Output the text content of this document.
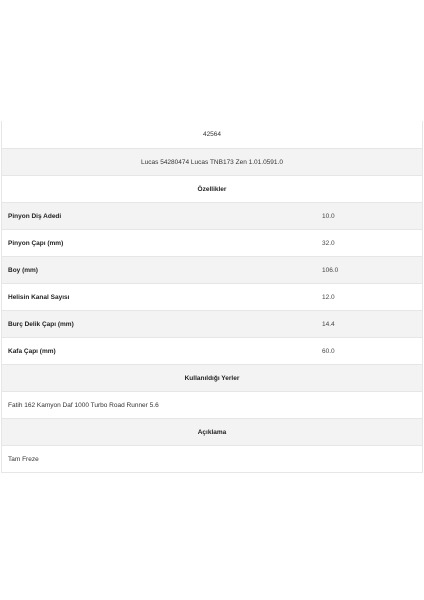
42564
Lucas 54280474 Lucas TNB173 Zen 1.01.0591.0
Özellikler
Pinyon Diş Adedi	10.0
Pinyon Çapı (mm)	32.0
Boy (mm)	106.0
Helisin Kanal Sayısı	12.0
Burç Delik Çapı (mm)	14.4
Kafa Çapı (mm)	60.0
Kullanıldığı Yerler
Fatih 162 Kamyon Daf 1000 Turbo Road Runner 5.6
Açıklama
Tam Freze
